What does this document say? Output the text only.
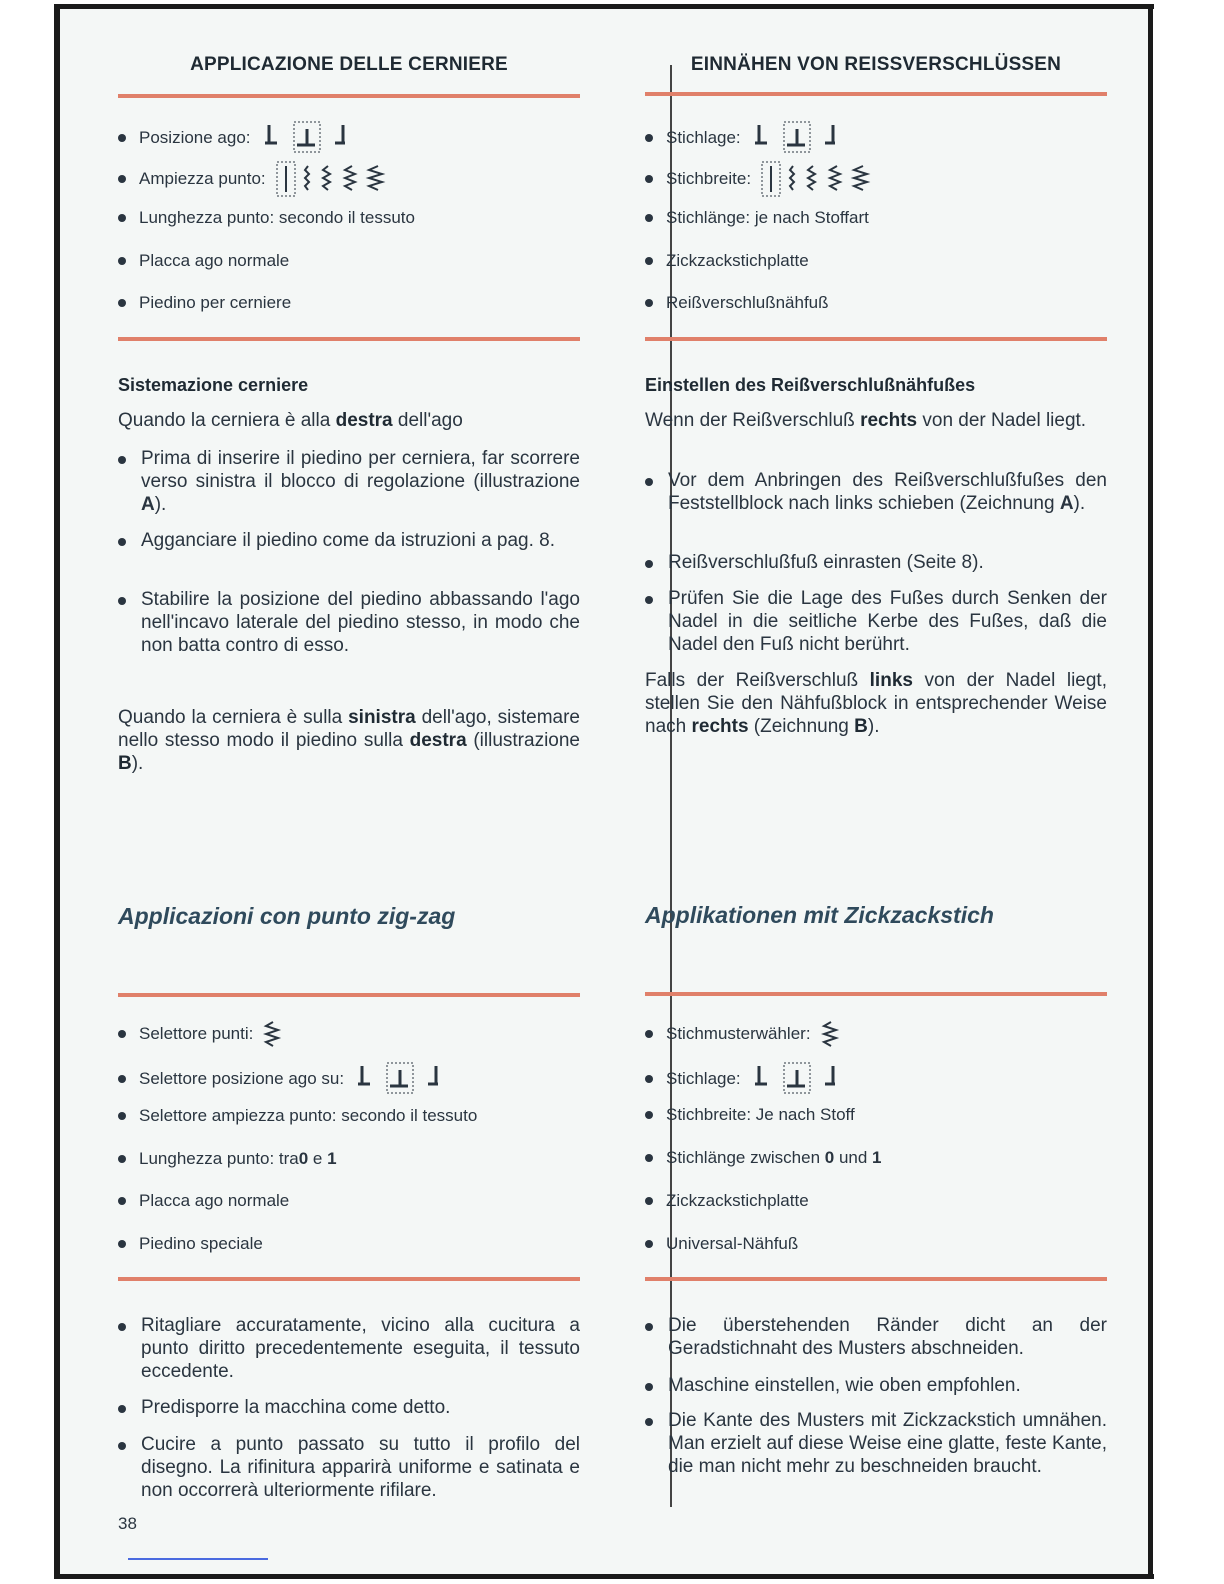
APPLICAZIONE DELLE CERNIERE
Posizione ago:
Ampiezza punto:
Lunghezza punto: secondo il tessuto
Placca ago normale
Piedino per cerniere
Sistemazione cerniere
Quando la cerniera è alla destra dell'ago
Prima di inserire il piedino per cerniera, far scorrere verso sinistra il blocco di regolazione (illustrazione A).
Agganciare il piedino come da istruzioni a pag. 8.
Stabilire la posizione del piedino abbassando l'ago nell'incavo laterale del piedino stesso, in modo che non batta contro di esso.
Quando la cerniera è sulla sinistra dell'ago, sistemare nello stesso modo il piedino sulla destra (illustrazione B).
Applicazioni con punto zig-zag
Selettore punti:
Selettore posizione ago su:
Selettore ampiezza punto: secondo il tessuto
Lunghezza punto: tra 0 e 1
Placca ago normale
Piedino speciale
Ritagliare accuratamente, vicino alla cucitura a punto diritto precedentemente eseguita, il tessuto eccedente.
Predisporre la macchina come detto.
Cucire a punto passato su tutto il profilo del disegno. La rifinitura apparirà uniforme e satinata e non occorrerà ulteriormente rifilare.
EINNÄHEN VON REISSVERSCHLÜSSEN
Stichlage:
Stichbreite:
Stichlänge: je nach Stoffart
Zickzackstichplatte
Reißverschlußnähfuß
Einstellen des Reißverschlußnähfußes
Wenn der Reißverschluß rechts von der Nadel liegt.
Vor dem Anbringen des Reißverschlußfußes den Feststellblock nach links schieben (Zeichnung A).
Reißverschlußfuß einrasten (Seite 8).
Prüfen Sie die Lage des Fußes durch Senken der Nadel in die seitliche Kerbe des Fußes, daß die Nadel den Fuß nicht berührt.
Falls der Reißverschluß links von der Nadel liegt, stellen Sie den Nähfußblock in entsprechender Weise nach rechts (Zeichnung B).
Applikationen mit Zickzackstich
Stichmusterwähler:
Stichlage:
Stichbreite: Je nach Stoff
Stichlänge zwischen 0 und 1
Zickzackstichplatte
Universal-Nähfuß
Die überstehenden Ränder dicht an der Geradstichnaht des Musters abschneiden.
Maschine einstellen, wie oben empfohlen.
Die Kante des Musters mit Zickzackstich umnähen. Man erzielt auf diese Weise eine glatte, feste Kante, die man nicht mehr zu beschneiden braucht.
38
